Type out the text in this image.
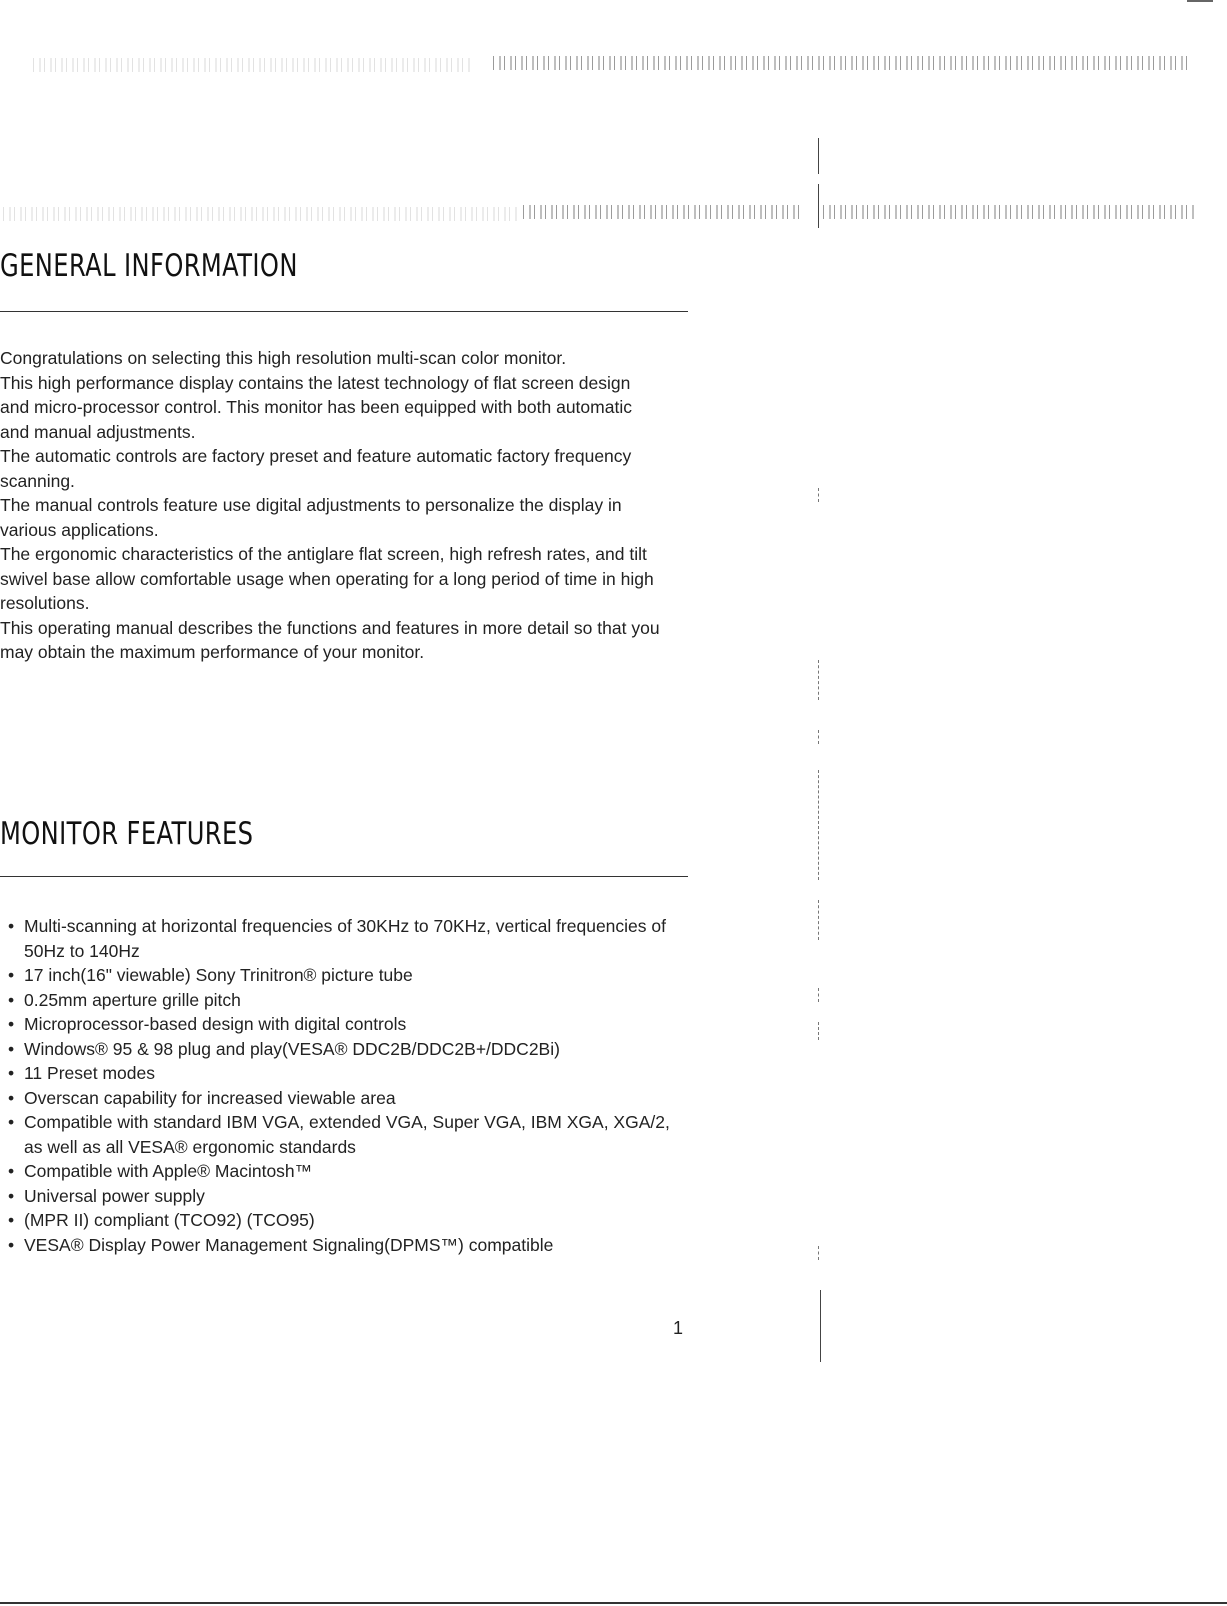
GENERAL INFORMATION

Congratulations on selecting this high resolution multi-scan color monitor.

This high performance display contains the latest technology of flat screen design and micro-processor control. This monitor has been equipped with both automatic and manual adjustments.

The automatic controls are factory preset and feature automatic factory frequency scanning.

The manual controls feature use digital adjustments to personalize the display in various applications.

The ergonomic characteristics of the antiglare flat screen, high refresh rates, and tilt swivel base allow comfortable usage when operating for a long period of time in high resolutions.

This operating manual describes the functions and features in more detail so that you may obtain the maximum performance of your monitor.

MONITOR FEATURES
• Multi-scanning at horizontal frequencies of 30KHz to 70KHz, vertical frequencies of 50Hz to 140Hz
• 17 inch(16" viewable) Sony Trinitron® picture tube
• 0.25mm aperture grille pitch
• Microprocessor-based design with digital controls
• Windows® 95 & 98 plug and play(VESA® DDC2B/DDC2B+/DDC2Bi)
• 11 Preset modes
• Overscan capability for increased viewable area
• Compatible with standard IBM VGA, extended VGA, Super VGA, IBM XGA, XGA/2, as well as all VESA® ergonomic standards
• Compatible with Apple® Macintosh™
• Universal power supply
• (MPR II) compliant (TCO92) (TCO95)
• VESA® Display Power Management Signaling(DPMS™) compatible
1
